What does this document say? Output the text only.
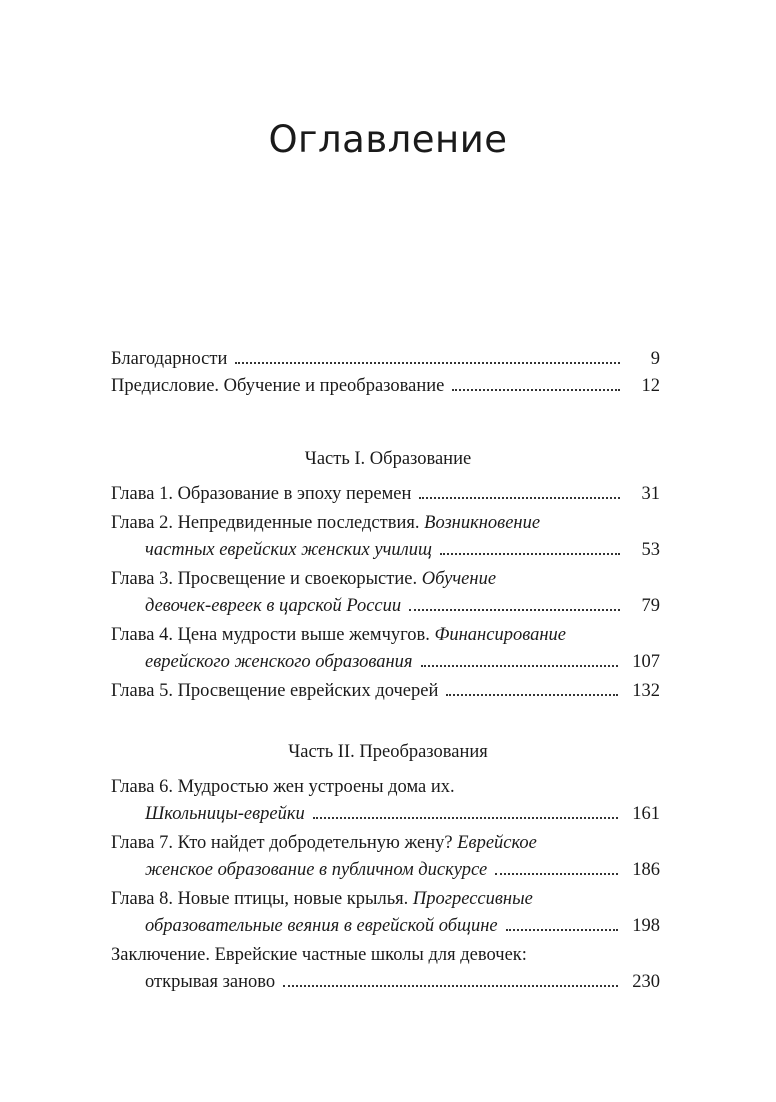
Оглавление
Благодарности	9
Предисловие. Обучение и преобразование	12
Часть I. Образование
Глава 1. Образование в эпоху перемен	31
Глава 2. Непредвиденные последствия.
Возникновение
частных еврейских женских училищ	53
Глава 3. Просвещение и своекорыстие.
Обучение
девочек-евреек в царской России	79
Глава 4. Цена мудрости выше жемчугов.
Финансирование
еврейского женского образования	107
Глава 5. Просвещение еврейских дочерей	132
Часть II. Преобразования
Глава 6. Мудростью жен устроены дома их.
Школьницы-еврейки	161
Глава 7. Кто найдет добродетельную жену?
Еврейское
женское образование в публичном дискурсе	186
Глава 8. Новые птицы, новые крылья.
Прогрессивные
образовательные веяния в еврейской общине	198
Заключение. Еврейские частные школы для девочек:
открывая заново	230
